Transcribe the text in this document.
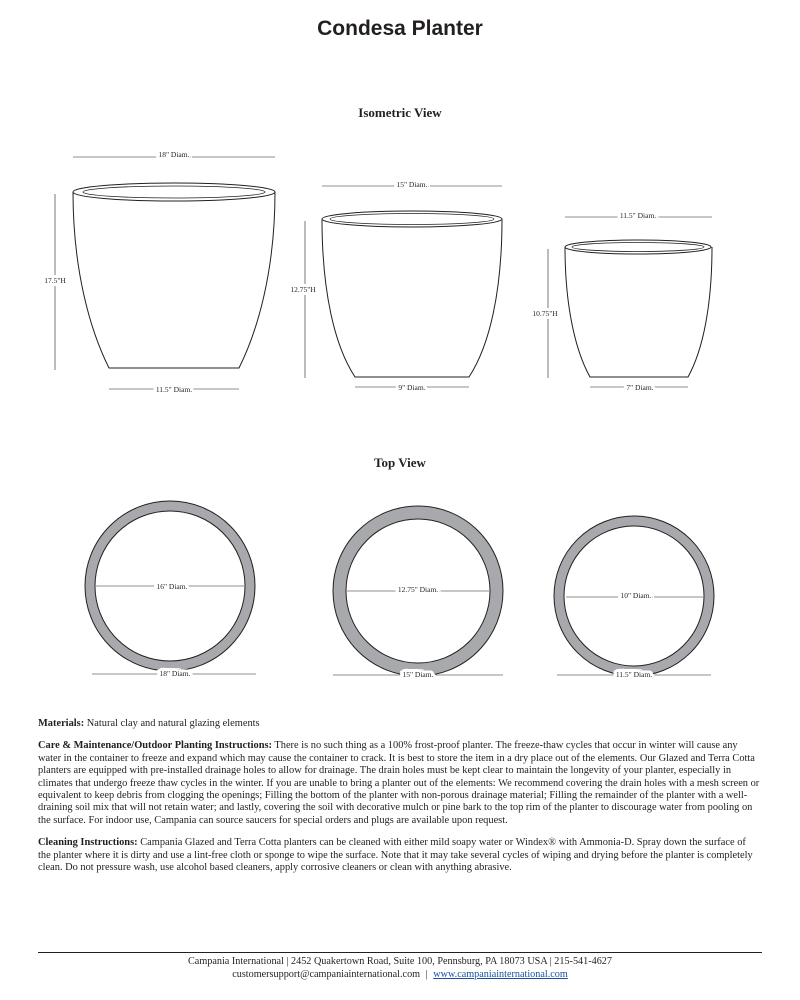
Condesa Planter
Isometric View
Top View
18" Diam.
17.5"H
11.5" Diam.
15" Diam.
12.75"H
9" Diam.
11.5" Diam.
10.75"H
7" Diam.
16" Diam.
18" Diam.
12.75" Diam.
15" Diam.
10" Diam.
11.5" Diam.

Materials: Natural clay and natural glazing elements

Care & Maintenance/Outdoor Planting Instructions: There is no such thing as a 100% frost-proof planter. The freeze-thaw cycles that occur in winter will cause any water in the container to freeze and expand which may cause the container to crack. It is best to store the item in a dry place out of the elements. Our Glazed and Terra Cotta planters are equipped with pre-installed drainage holes to allow for drainage. The drain holes must be kept clear to maintain the longevity of your planter, especially in climates that undergo freeze thaw cycles in the winter. If you are unable to bring a planter out of the elements: We recommend covering the drain holes with a mesh screen or equivalent to keep debris from clogging the openings; Filling the bottom of the planter with non-porous drainage material; Filling the remainder of the planter with a well-draining soil mix that will not retain water; and lastly, covering the soil with decorative mulch or pine bark to the top rim of the planter to discourage water from pooling on the surface. For indoor use, Campania can source saucers for special orders and plugs are available upon request.

Cleaning Instructions: Campania Glazed and Terra Cotta planters can be cleaned with either mild soapy water or Windex® with Ammonia-D. Spray down the surface of the planter where it is dirty and use a lint-free cloth or sponge to wipe the surface. Note that it may take several cycles of wiping and drying before the planter is completely clean. Do not pressure wash, use alcohol based cleaners, apply corrosive cleaners or clean with anything abrasive.

Campania International | 2452 Quakertown Road, Suite 100, Pennsburg, PA 18073 USA | 215-541-4627
customersupport@campaniainternational.com | www.campaniainternational.com
